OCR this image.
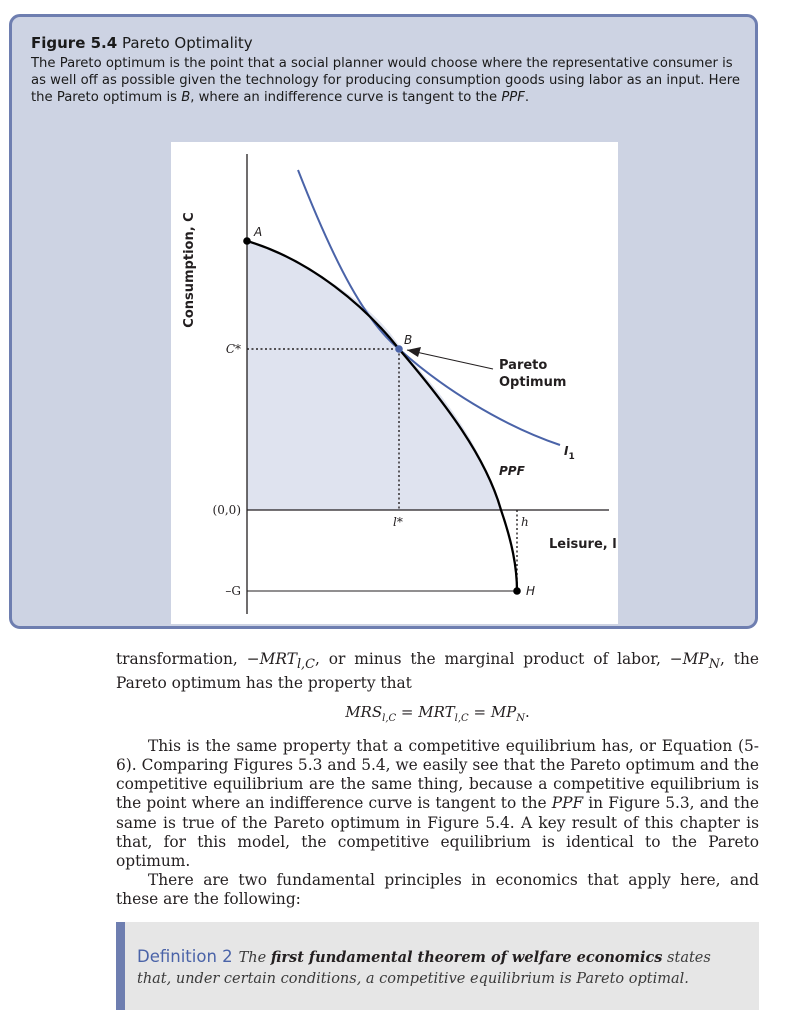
Figure 5.4 Pareto Optimality
The Pareto optimum is the point that a social planner would choose where the representative consumer is as well off as possible given the technology for producing consumption goods using labor as an input. Here the Pareto optimum is B, where an indifference curve is tangent to the PPF.
Consumption, C
C*
(0,0)
–G
l*	h
A
B
H
Pareto
Optimum
PPF
$I_1$
Leisure, l

transformation, $-MRT_{l,C}$, or minus the marginal product of labor, $-MP_N$, the Pareto optimum has the property that

$MRS_{l,C} = MRT_{l,C} = MP_N$.

This is the same property that a competitive equilibrium has, or Equation (5-6). Comparing Figures 5.3 and 5.4, we easily see that the Pareto optimum and the competitive equilibrium are the same thing, because a competitive equilibrium is the point where an indifference curve is tangent to the PPF in Figure 5.3, and the same is true of the Pareto optimum in Figure 5.4. A key result of this chapter is that, for this model, the competitive equilibrium is identical to the Pareto optimum.

There are two fundamental principles in economics that apply here, and these are the following:

Definition 2 The first fundamental theorem of welfare economics states that, under certain conditions, a competitive equilibrium is Pareto optimal.
